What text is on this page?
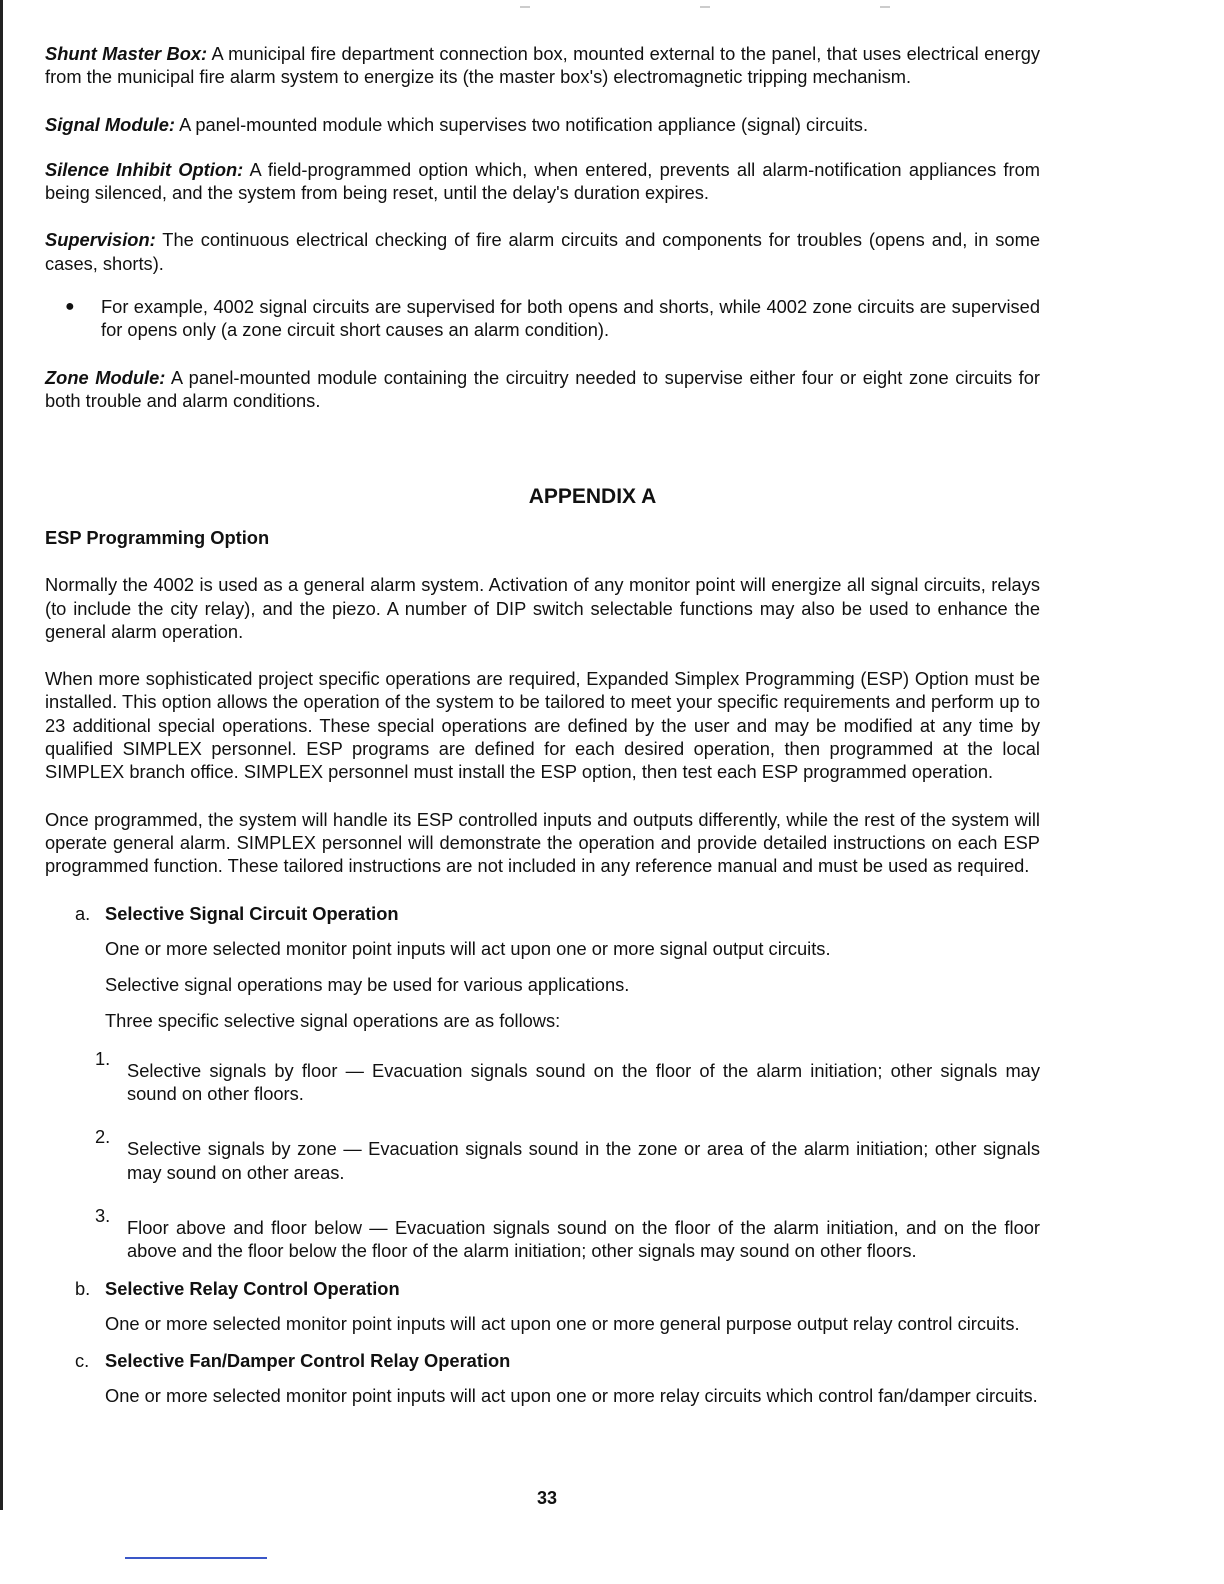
Shunt Master Box: A municipal fire department connection box, mounted external to the panel, that uses electrical energy from the municipal fire alarm system to energize its (the master box's) electromagnetic tripping mechanism.

Signal Module: A panel-mounted module which supervises two notification appliance (signal) circuits.

Silence Inhibit Option: A field-programmed option which, when entered, prevents all alarm-notification appliances from being silenced, and the system from being reset, until the delay's duration expires.

Supervision: The continuous electrical checking of fire alarm circuits and components for troubles (opens and, in some cases, shorts).

●	For example, 4002 signal circuits are supervised for both opens and shorts, while 4002 zone circuits are supervised for opens only (a zone circuit short causes an alarm condition).

Zone Module: A panel-mounted module containing the circuitry needed to supervise either four or eight zone circuits for both trouble and alarm conditions.

APPENDIX A
ESP Programming Option

Normally the 4002 is used as a general alarm system. Activation of any monitor point will energize all signal circuits, relays (to include the city relay), and the piezo. A number of DIP switch selectable functions may also be used to enhance the general alarm operation.

When more sophisticated project specific operations are required, Expanded Simplex Programming (ESP) Option must be installed. This option allows the operation of the system to be tailored to meet your specific requirements and perform up to 23 additional special operations. These special operations are defined by the user and may be modified at any time by qualified SIMPLEX personnel. ESP programs are defined for each desired operation, then programmed at the local SIMPLEX branch office. SIMPLEX personnel must install the ESP option, then test each ESP programmed operation.

Once programmed, the system will handle its ESP controlled inputs and outputs differently, while the rest of the system will operate general alarm. SIMPLEX personnel will demonstrate the operation and provide detailed instructions on each ESP programmed function. These tailored instructions are not included in any reference manual and must be used as required.

a. Selective Signal Circuit Operation

One or more selected monitor point inputs will act upon one or more signal output circuits.

Selective signal operations may be used for various applications.

Three specific selective signal operations are as follows:

1.

Selective signals by floor — Evacuation signals sound on the floor of the alarm initiation; other signals may sound on other floors.

2.

Selective signals by zone — Evacuation signals sound in the zone or area of the alarm initiation; other signals may sound on other areas.

3.

Floor above and floor below — Evacuation signals sound on the floor of the alarm initiation, and on the floor above and the floor below the floor of the alarm initiation; other signals may sound on other floors.

b. Selective Relay Control Operation

One or more selected monitor point inputs will act upon one or more general purpose output relay control circuits.

c. Selective Fan/Damper Control Relay Operation

One or more selected monitor point inputs will act upon one or more relay circuits which control fan/damper circuits.

33
